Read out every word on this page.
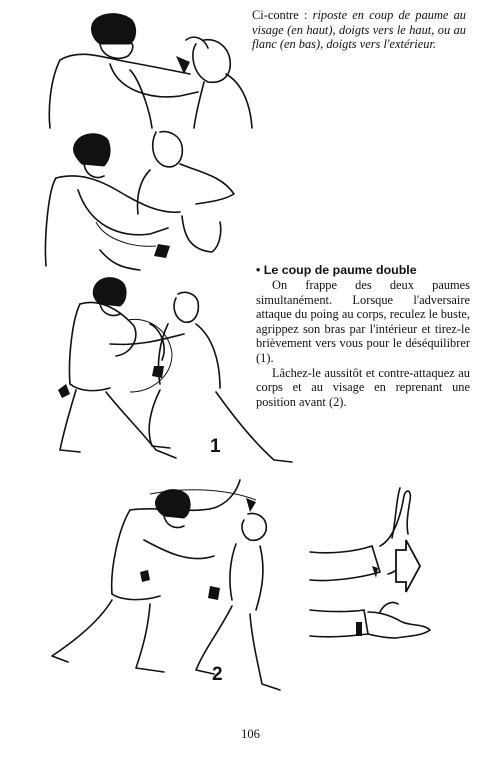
Ci-contre : riposte en coup de paume au visage (en haut), doigts vers le haut, ou au flanc (en bas), doigts vers l'extérieur.
• Le coup de paume double

On frappe des deux paumes simultanément. Lorsque l'adversaire attaque du poing au corps, reculez le buste, agrippez son bras par l'intérieur et tirez-le brièvement vers vous pour le déséquilibrer (1).

Lâchez-le aussitôt et contre-attaquez au corps et au visage en reprenant une position avant (2).

1
2
106
